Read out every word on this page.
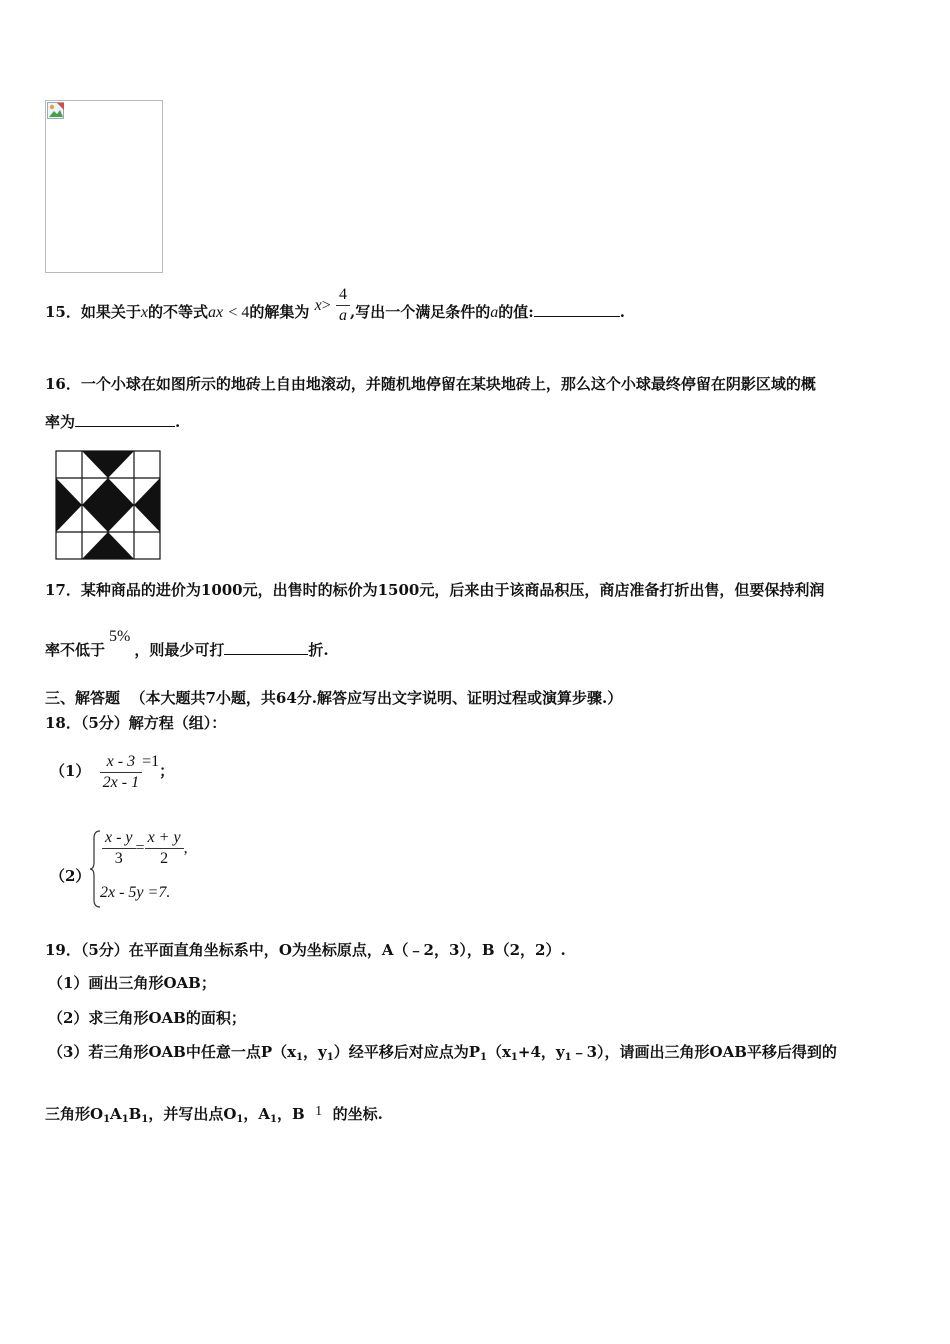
15．如果关于x的不等式ax < 4的解集为 $x> \frac{4}{a}$ ,写出一个满足条件的a的值:	.
16．一个小球在如图所示的地砖上自由地滚动，并随机地停留在某块地砖上，那么这个小球最终停留在阴影区域的概
率为	.
17．某种商品的进价为1000元，出售时的标价为1500元，后来由于该商品积压，商店准备打折出售，但要保持利润
率不低于5%，则最少可打	折.
三、解答题 （本大题共7小题，共64分.解答应写出文字说明、证明过程或演算步骤.）
18．（5分）解方程（组）：
$(1) \frac{x - 3}{2x - 1} =1$；
（2）
$\frac{x - y}{3} = \frac{x + y}{2}$ ,
2x - 5y =7.
19．（5分）在平面直角坐标系中，O为坐标原点，A（﹣2，3），B（2，2）.
（1）画出三角形OAB；
（2）求三角形OAB的面积；
（3）若三角形OAB中任意一点$P(x_1$，$y_1$）经平移后对应点为$P_1(x_1+4$，$y_1﹣3$），请画出三角形OAB平移后得到的
三角形$O_1A_1B_1$，并写出点$O_1$，$A_1$，B 1 的坐标.
